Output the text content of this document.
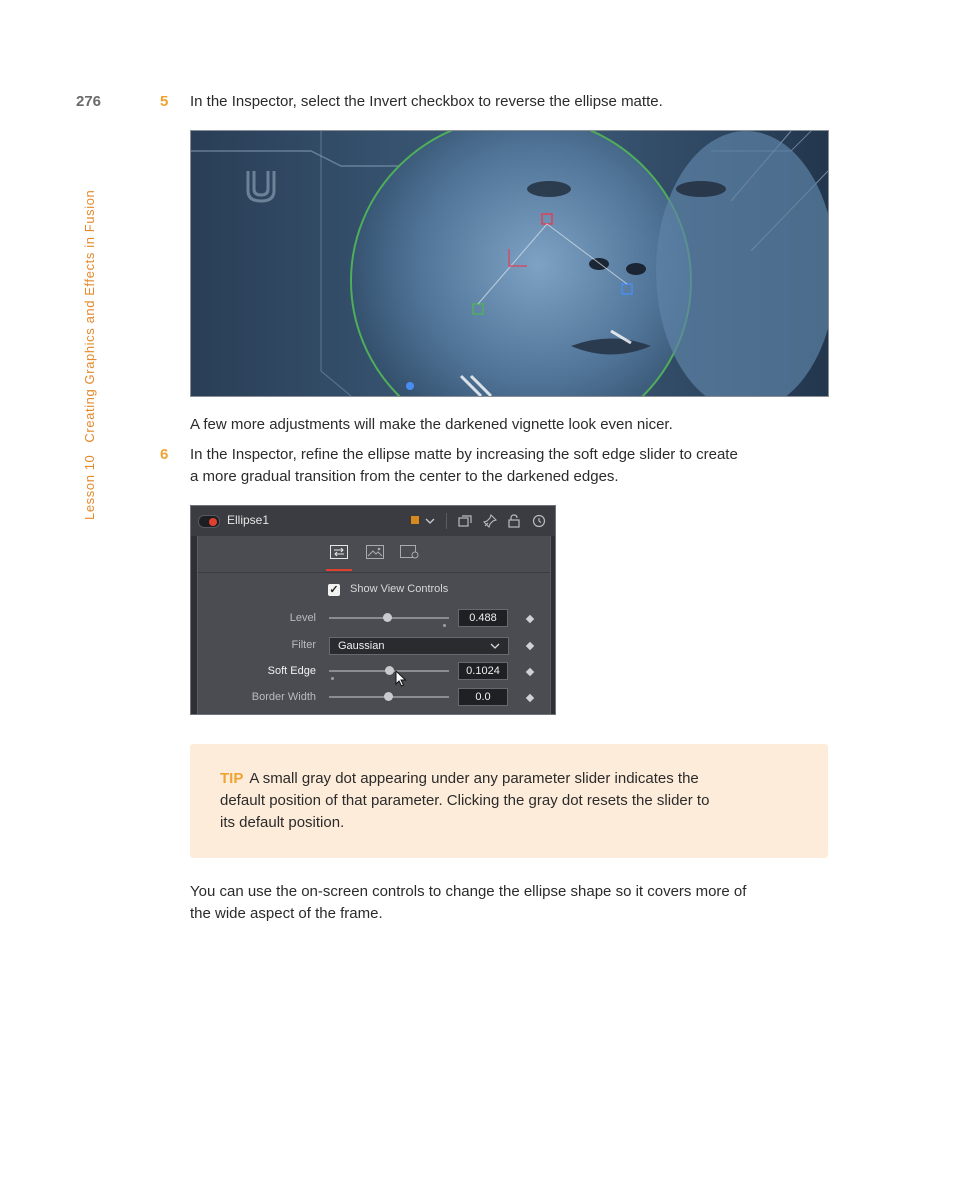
276
Lesson 10Creating Graphics and Effects in Fusion
5 In the Inspector, select the Invert checkbox to reverse the ellipse matte.
A few more adjustments will make the darkened vignette look even nicer.
6 In the Inspector, refine the ellipse matte by increasing the soft edge slider to create
a more gradual transition from the center to the darkened edges.
Ellipse1
✓ Show View Controls
Level	0.488
Filter Gaussian
Soft Edge	0.1024
Border Width	0.0
TIP A small gray dot appearing under any parameter slider indicates the
default position of that parameter. Clicking the gray dot resets the slider to
its default position.
You can use the on-screen controls to change the ellipse shape so it covers more of
the wide aspect of the frame.
